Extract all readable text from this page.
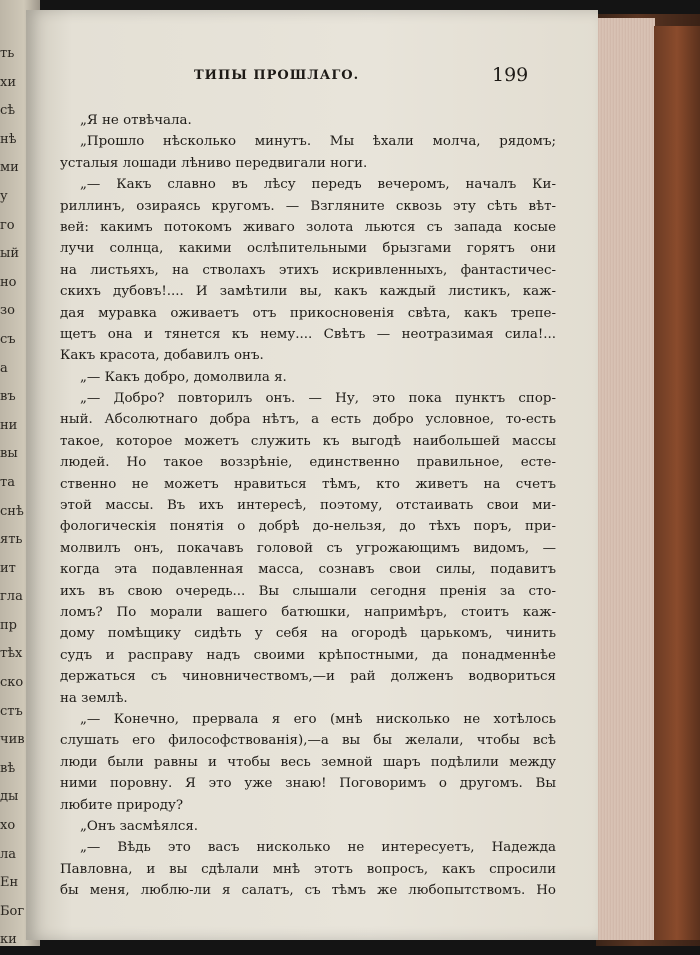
ть
хи
сѣ
нѣ
ми
у
го
ый
но
зо
съ
а
въ
ни
вы
та
снѣ
ять
ит
гла
пр
тѣх
ско
стъ
чив
вѣ
ды
хо
ла
Ен
Бог
ки
ТИПЫ ПРОШЛАГО.	199
„Я не отвѣчала.
„Прошло нѣсколько минутъ. Мы ѣхали молча, рядомъ;
усталыя лошади лѣниво передвигали ноги.
„— Какъ славно въ лѣсу передъ вечеромъ, началъ Ки-
риллинъ, озираясь кругомъ. — Взгляните сквозь эту сѣть вѣт-
вей: какимъ потокомъ живаго золота льются съ запада косые
лучи солнца, какими ослѣпительными брызгами горятъ они
на листьяхъ, на стволахъ этихъ искривленныхъ, фантастичес-
скихъ дубовъ!.... И замѣтили вы, какъ каждый листикъ, каж-
дая муравка оживаетъ отъ прикосновенія свѣта, какъ трепе-
щетъ она и тянется къ нему.... Свѣтъ — неотразимая сила!...
Какъ красота, добавилъ онъ.
„— Какъ добро, домолвила я.
„— Добро? повторилъ онъ. — Ну, это пока пунктъ спор-
ный. Абсолютнаго добра нѣтъ, а есть добро условное, то-есть
такое, которое можетъ служить къ выгодѣ наибольшей массы
людей. Но такое воззрѣніе, единственно правильное, есте-
ственно не можетъ нравиться тѣмъ, кто живетъ на счетъ
этой массы. Въ ихъ интересѣ, поэтому, отстаивать свои ми-
фологическія понятія о добрѣ до-нельзя, до тѣхъ поръ, при-
молвилъ онъ, покачавъ головой съ угрожающимъ видомъ, —
когда эта подавленная масса, сознавъ свои силы, подавитъ
ихъ въ свою очередь... Вы слышали сегодня пренія за сто-
ломъ? По морали вашего батюшки, напримѣръ, стоитъ каж-
дому помѣщику сидѣть у себя на огородѣ царькомъ, чинить
судъ и расправу надъ своими крѣпостными, да понадменнѣе
держаться съ чиновничествомъ,—и рай долженъ водвориться
на землѣ.
„— Конечно, прервала я его (мнѣ нисколько не хотѣлось
слушать его философствованія),—а вы бы желали, чтобы всѣ
люди были равны и чтобы весь земной шаръ подѣлили между
ними поровну. Я это уже знаю! Поговоримъ о другомъ. Вы
любите природу?
„Онъ засмѣялся.
„— Вѣдь это васъ нисколько не интересуетъ, Надежда
Павловна, и вы сдѣлали мнѣ этотъ вопросъ, какъ спросили
бы меня, люблю-ли я салатъ, съ тѣмъ же любопытствомъ. Но
